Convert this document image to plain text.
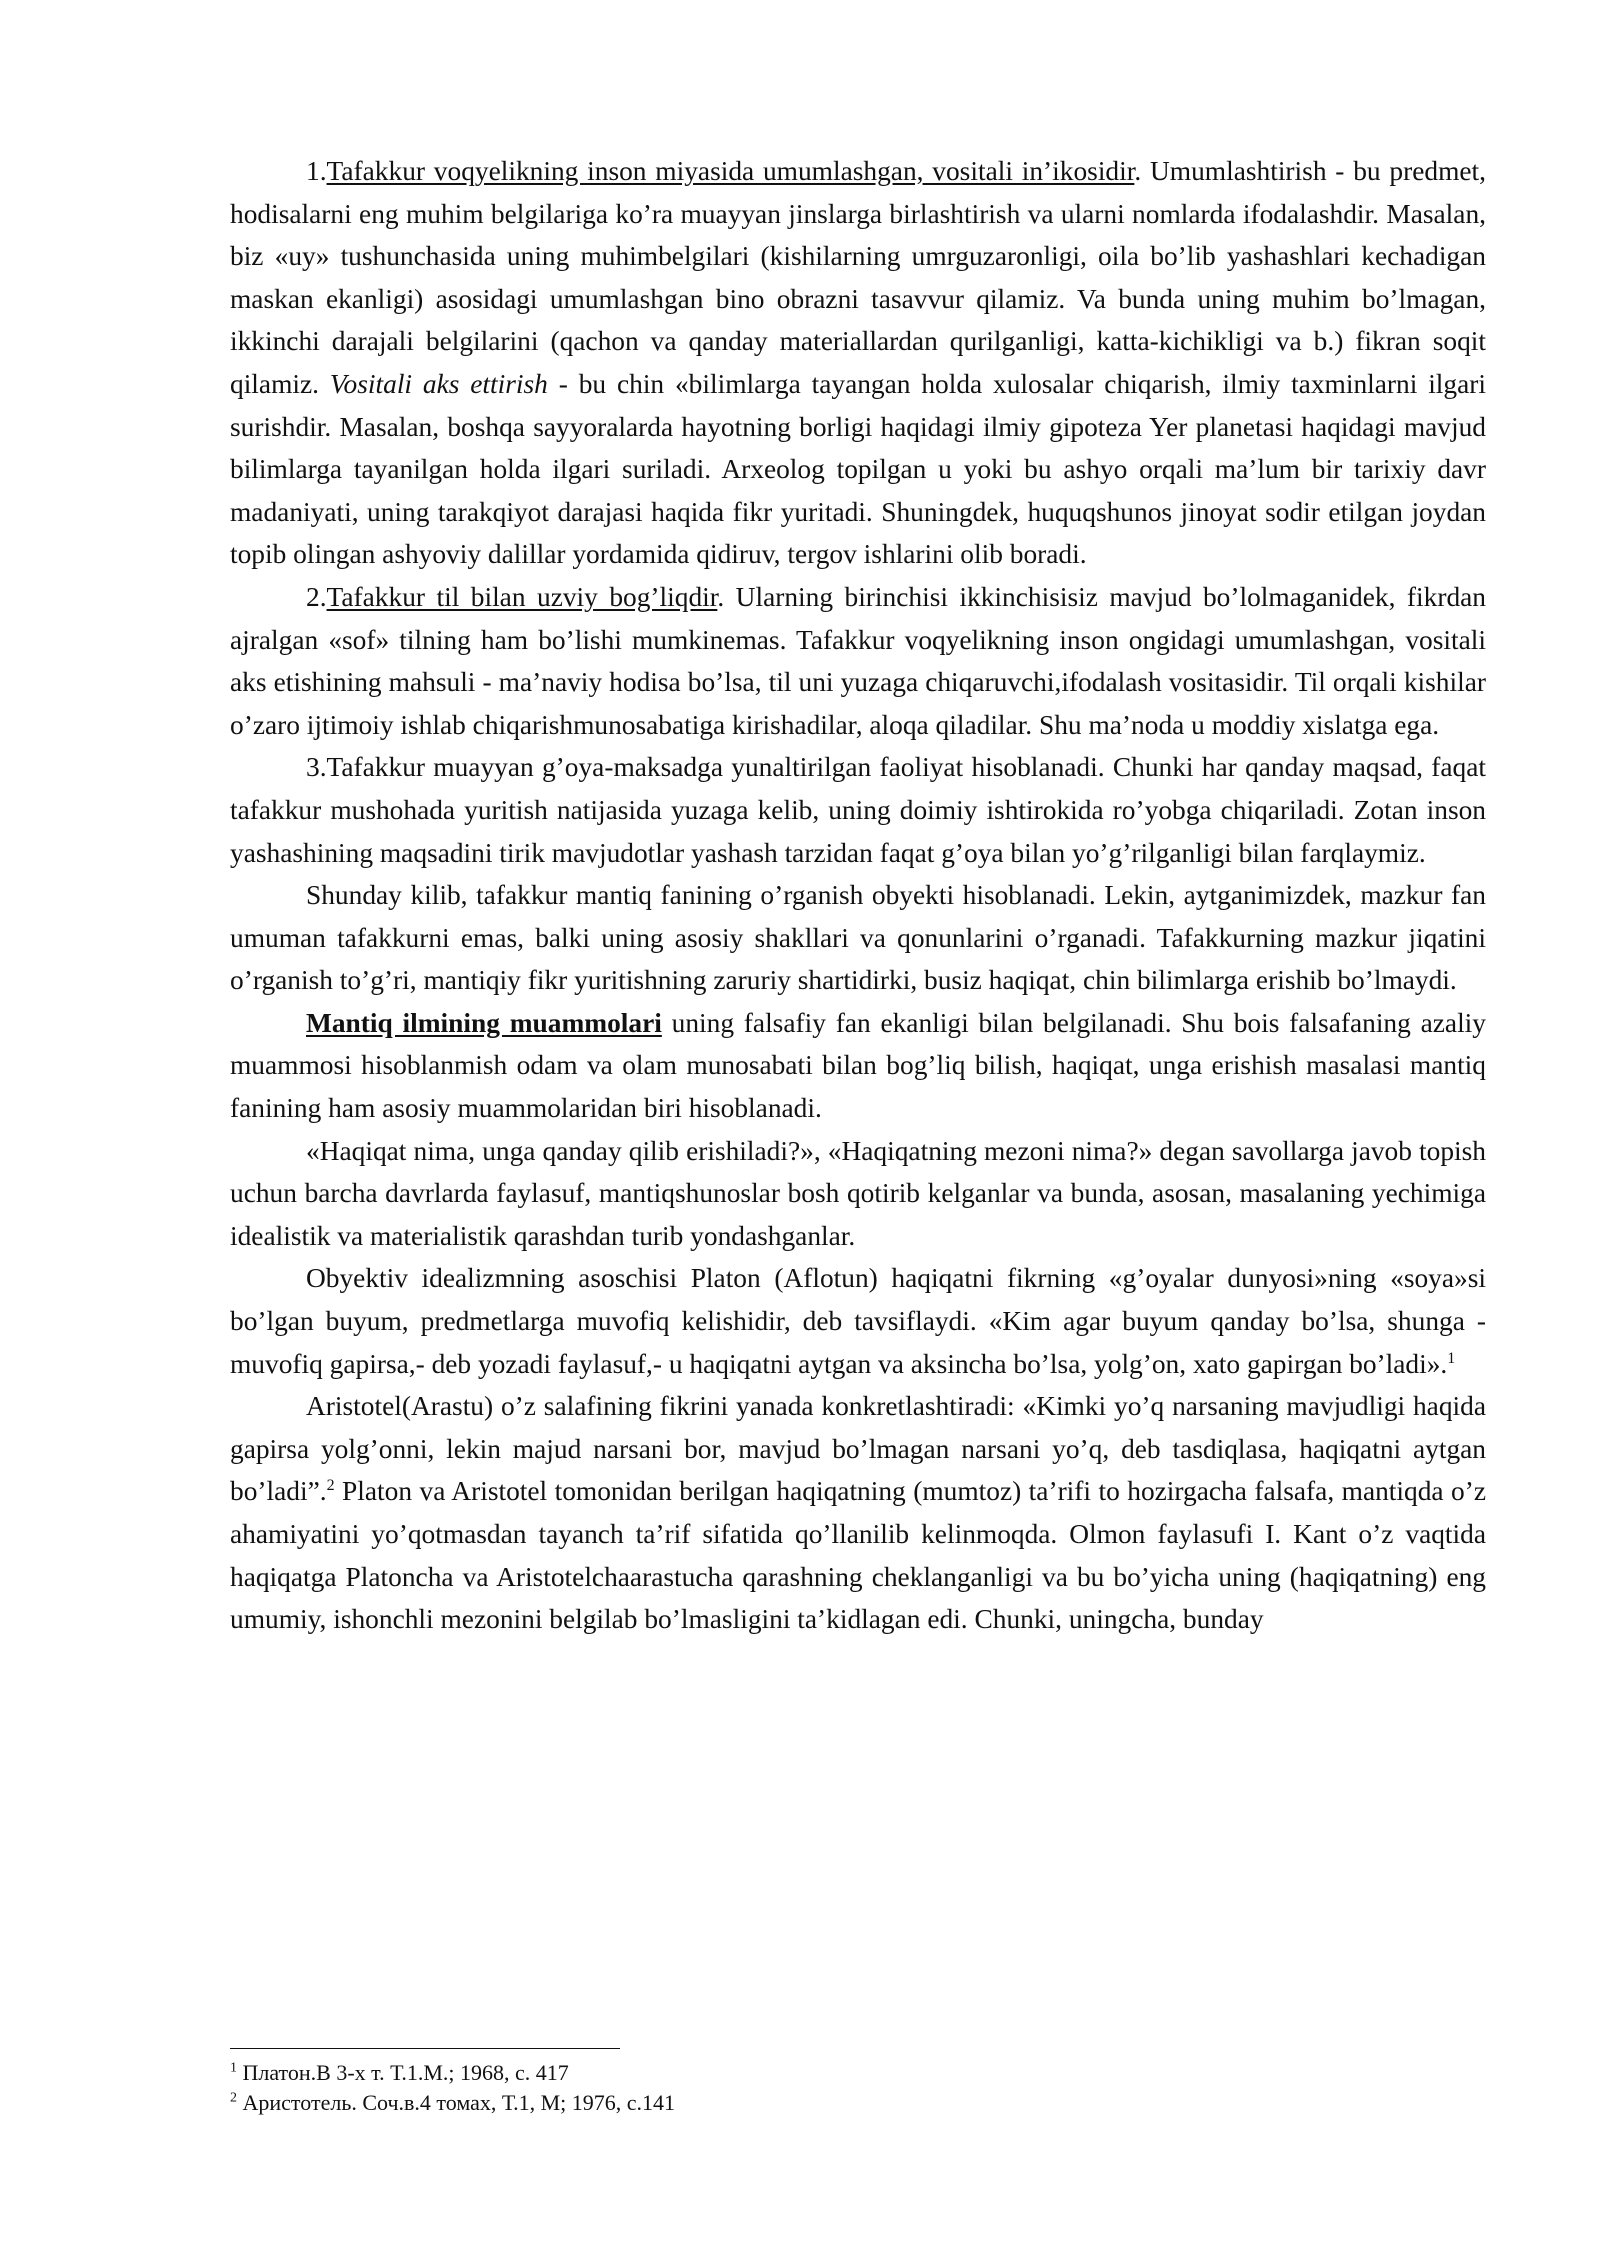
1.Tafakkur voqyelikning inson miyasida umumlashgan, vositali in’ikosidir. Umumlashtirish - bu predmet, hodisalarni eng muhim belgilariga ko’ra muayyan jinslarga birlashtirish va ularni nomlarda ifodalashdir. Masalan, biz «uy» tushunchasida uning muhimbelgilari (kishilarning umrguzaronligi, oila bo’lib yashashlari kechadigan maskan ekanligi) asosidagi umumlashgan bino obrazni tasavvur qilamiz. Va bunda uning muhim bo’lmagan, ikkinchi darajali belgilarini (qachon va qanday materiallardan qurilganligi, katta-kichikligi va b.) fikran soqit qilamiz. Vositali aks ettirish - bu chin «bilimlarga tayangan holda xulosalar chiqarish, ilmiy taxminlarni ilgari surishdir. Masalan, boshqa sayyoralarda hayotning borligi haqidagi ilmiy gipoteza Yer planetasi haqidagi mavjud bilimlarga tayanilgan holda ilgari suriladi. Arxeolog topilgan u yoki bu ashyo orqali ma’lum bir tarixiy davr madaniyati, uning tarakqiyot darajasi haqida fikr yuritadi. Shuningdek, huquqshunos jinoyat sodir etilgan joydan topib olingan ashyoviy dalillar yordamida qidiruv, tergov ishlarini olib boradi.

2.Tafakkur til bilan uzviy bog’liqdir. Ularning birinchisi ikkinchisisiz mavjud bo’lolmaganidek, fikrdan ajralgan «sof» tilning ham bo’lishi mumkinemas. Tafakkur voqyelikning inson ongidagi umumlashgan, vositali aks etishining mahsuli - ma’naviy hodisa bo’lsa, til uni yuzaga chiqaruvchi,ifodalash vositasidir. Til orqali kishilar o’zaro ijtimoiy ishlab chiqarishmunosabatiga kirishadilar, aloqa qiladilar. Shu ma’noda u moddiy xislatga ega.

3.Tafakkur muayyan g’oya-maksadga yunaltirilgan faoliyat hisoblanadi. Chunki har qanday maqsad, faqat tafakkur mushohada yuritish natijasida yuzaga kelib, uning doimiy ishtirokida ro’yobga chiqariladi. Zotan inson yashashining maqsadini tirik mavjudotlar yashash tarzidan faqat g’oya bilan yo’g’rilganligi bilan farqlaymiz.

Shunday kilib, tafakkur mantiq fanining o’rganish obyekti hisoblanadi. Lekin, aytganimizdek, mazkur fan umuman tafakkurni emas, balki uning asosiy shakllari va qonunlarini o’rganadi. Tafakkurning mazkur jiqatini o’rganish to’g’ri, mantiqiy fikr yuritishning zaruriy shartidirki, busiz haqiqat, chin bilimlarga erishib bo’lmaydi.

Mantiq ilmining muammolari uning falsafiy fan ekanligi bilan belgilanadi. Shu bois falsafaning azaliy muammosi hisoblanmish odam va olam munosabati bilan bog’liq bilish, haqiqat, unga erishish masalasi mantiq fanining ham asosiy muammolaridan biri hisoblanadi.

«Haqiqat nima, unga qanday qilib erishiladi?», «Haqiqatning mezoni nima?» degan savollarga javob topish uchun barcha davrlarda faylasuf, mantiqshunoslar bosh qotirib kelganlar va bunda, asosan, masalaning yechimiga idealistik va materialistik qarashdan turib yondashganlar.

Obyektiv idealizmning asoschisi Platon (Aflotun) haqiqatni fikrning «g’oyalar dunyosi»ning «soya»si bo’lgan buyum, predmetlarga muvofiq kelishidir, deb tavsiflaydi. «Kim agar buyum qanday bo’lsa, shunga -muvofiq gapirsa,- deb yozadi faylasuf,- u haqiqatni aytgan va aksincha bo’lsa, yolg’on, xato gapirgan bo’ladi».$^1$

Aristotel(Arastu) o’z salafining fikrini yanada konkretlashtiradi: «Kimki yo’q narsaning mavjudligi haqida gapirsa yolg’onni, lekin majud narsani bor, mavjud bo’lmagan narsani yo’q, deb tasdiqlasa, haqiqatni aytgan bo’ladi”.$^2$ Platon va Aristotel tomonidan berilgan haqiqatning (mumtoz) ta’rifi to hozirgacha falsafa, mantiqda o’z ahamiyatini yo’qotmasdan tayanch ta’rif sifatida qo’llanilib kelinmoqda. Olmon faylasufi I. Kant o’z vaqtida haqiqatga Platoncha va Aristotelchaarastucha qarashning cheklanganligi va bu bo’yicha uning (haqiqatning) eng umumiy, ishonchli mezonini belgilab bo’lmasligini ta’kidlagan edi. Chunki, uningcha, bunday

$^1$ Платон.В 3-х т. Т.1.М.; 1968, с. 417

$^2$ Аристотель. Соч.в.4 томах, Т.1, М; 1976, с.141
